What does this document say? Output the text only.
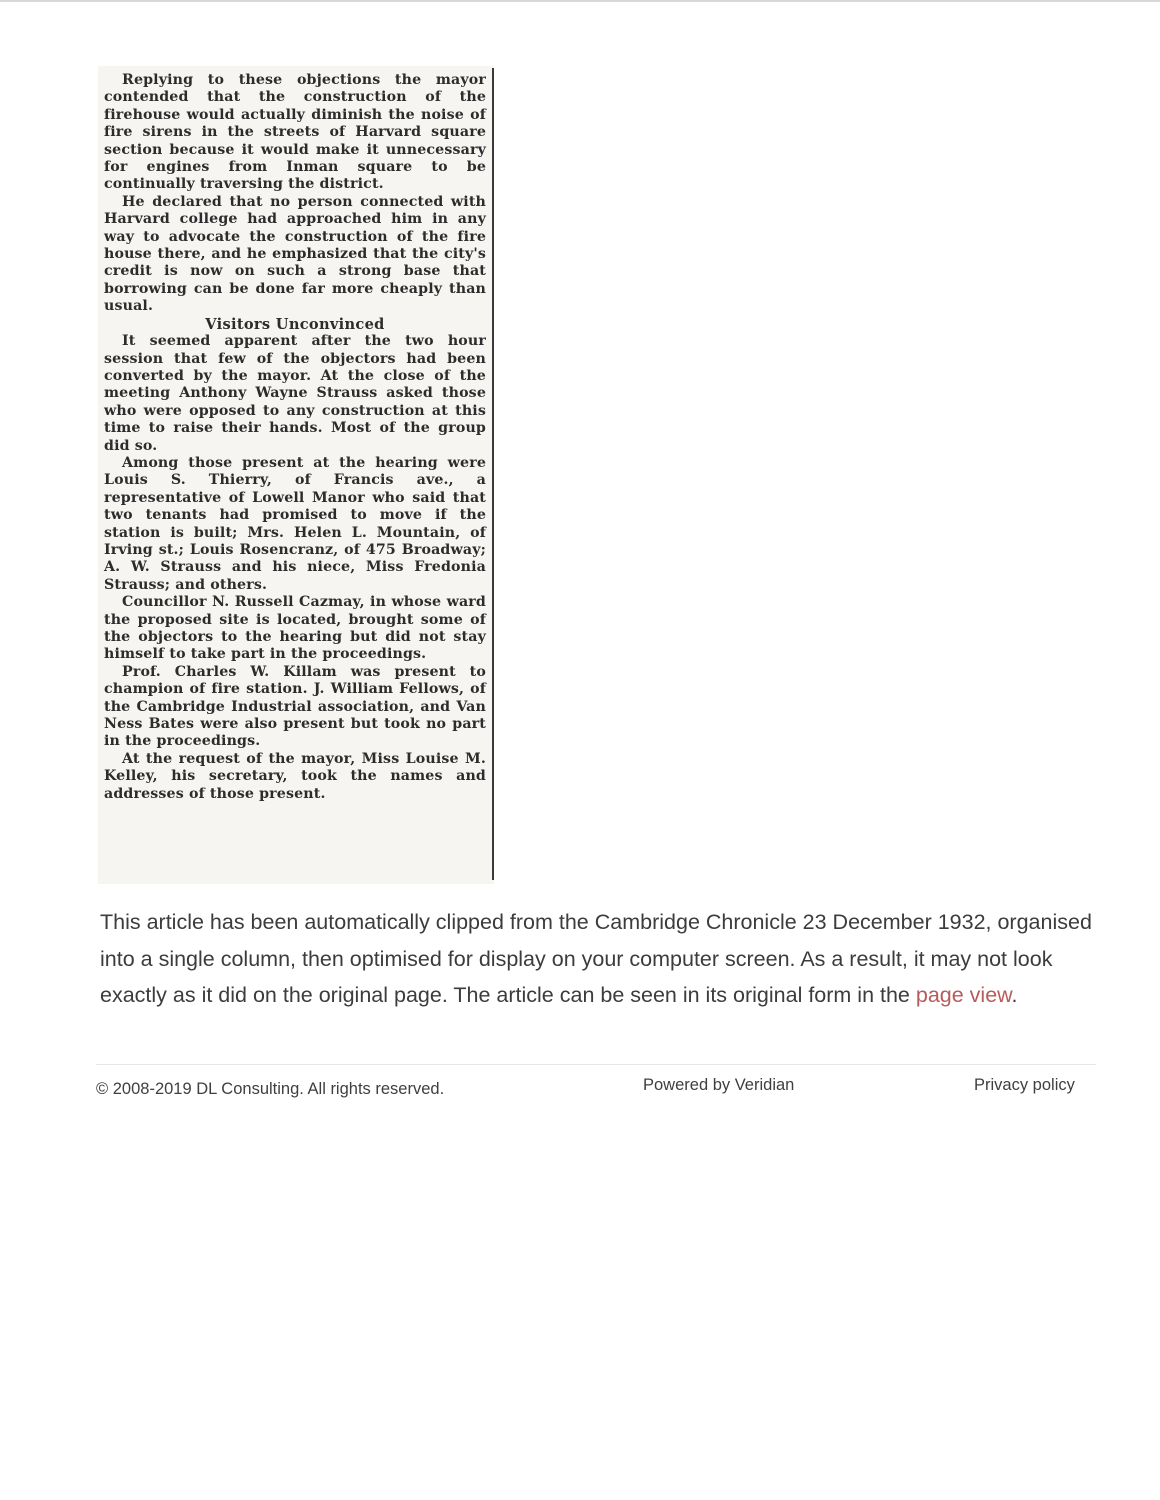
Replying to these objections the mayor contended that the construction of the firehouse would actually diminish the noise of fire sirens in the streets of Harvard square section because it would make it unnecessary for engines from Inman square to be continually traversing the district.

He declared that no person connected with Harvard college had approached him in any way to advocate the construction of the fire house there, and he emphasized that the city's credit is now on such a strong base that borrowing can be done far more cheaply than usual.

Visitors Unconvinced

It seemed apparent after the two hour session that few of the objectors had been converted by the mayor. At the close of the meeting Anthony Wayne Strauss asked those who were opposed to any construction at this time to raise their hands. Most of the group did so.

Among those present at the hearing were Louis S. Thierry, of Francis ave., a representative of Lowell Manor who said that two tenants had promised to move if the station is built; Mrs. Helen L. Mountain, of Irving st.; Louis Rosencranz, of 475 Broadway; A. W. Strauss and his niece, Miss Fredonia Strauss; and others.

Councillor N. Russell Cazmay, in whose ward the proposed site is located, brought some of the objectors to the hearing but did not stay himself to take part in the proceedings.

Prof. Charles W. Killam was present to champion of fire station. J. William Fellows, of the Cambridge Industrial association, and Van Ness Bates were also present but took no part in the proceedings.

At the request of the mayor, Miss Louise M. Kelley, his secretary, took the names and addresses of those present.

This article has been automatically clipped from the Cambridge Chronicle 23 December 1932, organised into a single column, then optimised for display on your computer screen. As a result, it may not look exactly as it did on the original page. The article can be seen in its original form in the page view.
© 2008-2019 DL Consulting. All rights reserved.	Powered by Veridian	Privacy policy
